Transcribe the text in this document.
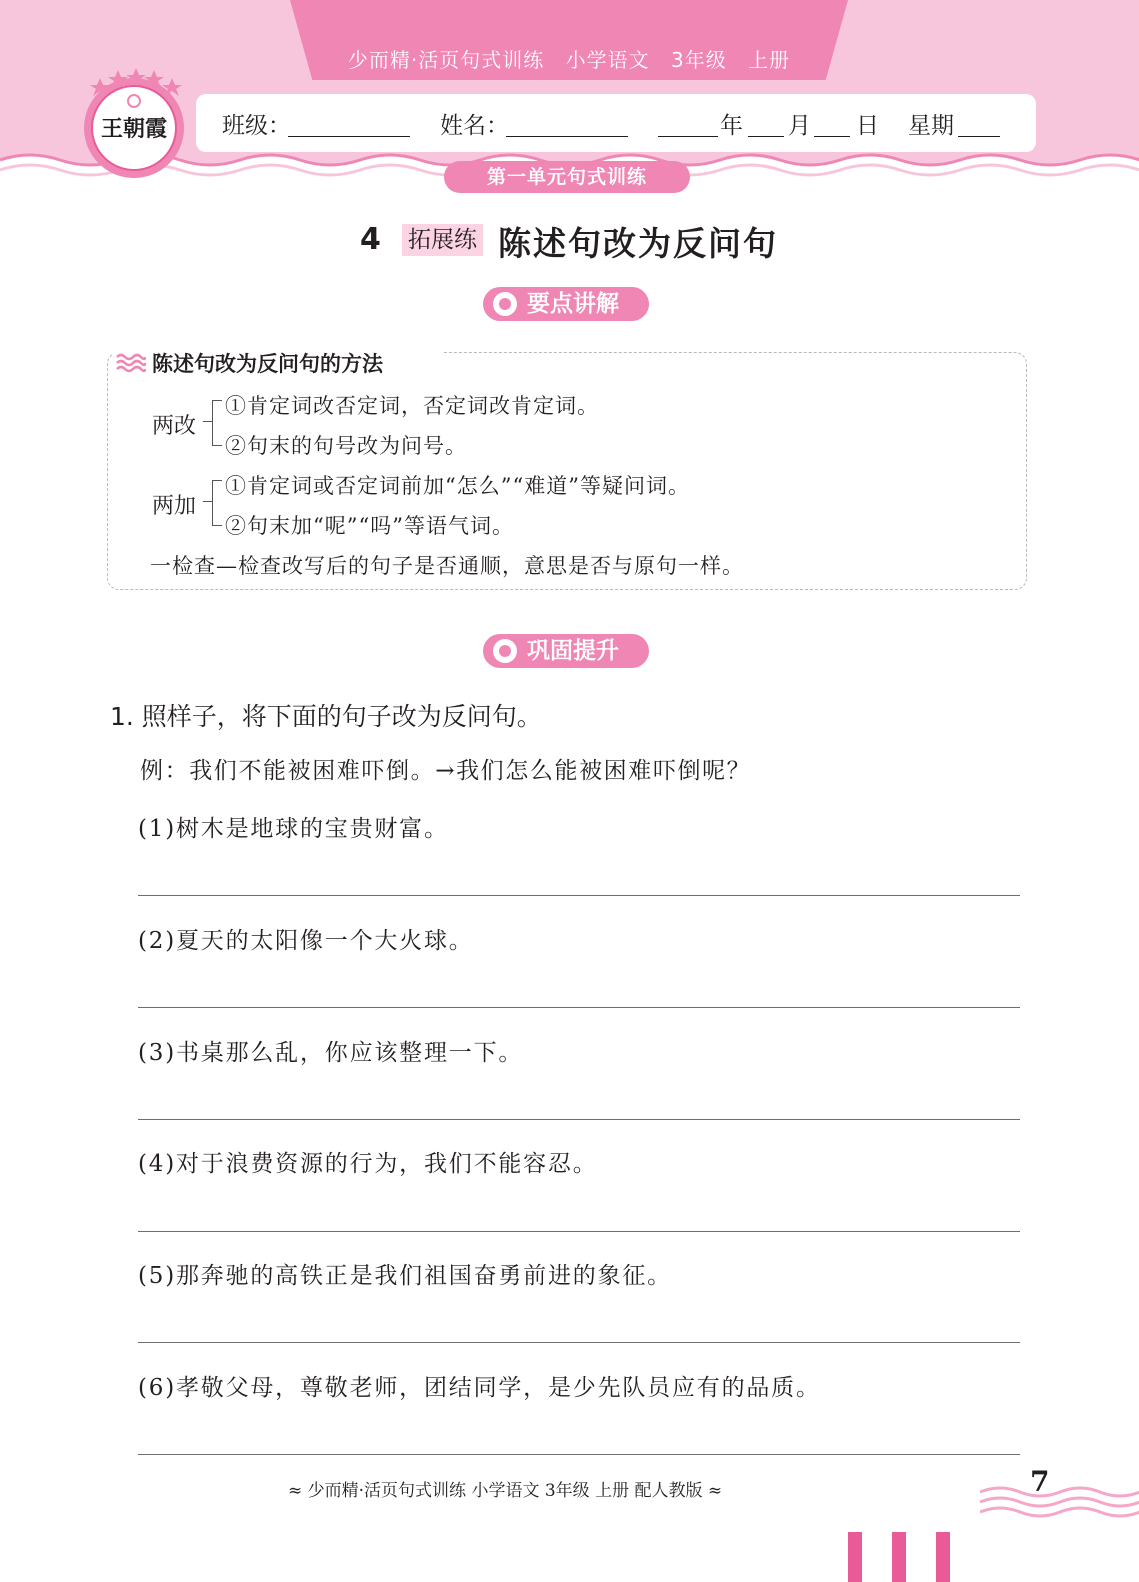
少而精·活页句式训练 小学语文 3年级 上册
班级：	姓名：	年 月 日 星期
王朝霞
第一单元句式训练
4 拓展练 陈述句改为反问句
要点讲解
陈述句改为反问句的方法
两改
①肯定词改否定词，否定词改肯定词。
②句末的句号改为问号。
两加
①肯定词或否定词前加“怎么”“难道”等疑问词。
②句末加“呢”“吗”等语气词。
一检查—检查改写后的句子是否通顺，意思是否与原句一样。
巩固提升
1. 照样子，将下面的句子改为反问句。
例：我们不能被困难吓倒。→我们怎么能被困难吓倒呢？
(1)树木是地球的宝贵财富。
(2)夏天的太阳像一个大火球。
(3)书桌那么乱，你应该整理一下。
(4)对于浪费资源的行为，我们不能容忍。
(5)那奔驰的高铁正是我们祖国奋勇前进的象征。
(6)孝敬父母，尊敬老师，团结同学，是少先队员应有的品质。
≈ 少而精·活页句式训练 小学语文 3年级 上册 配人教版 ≈	7
